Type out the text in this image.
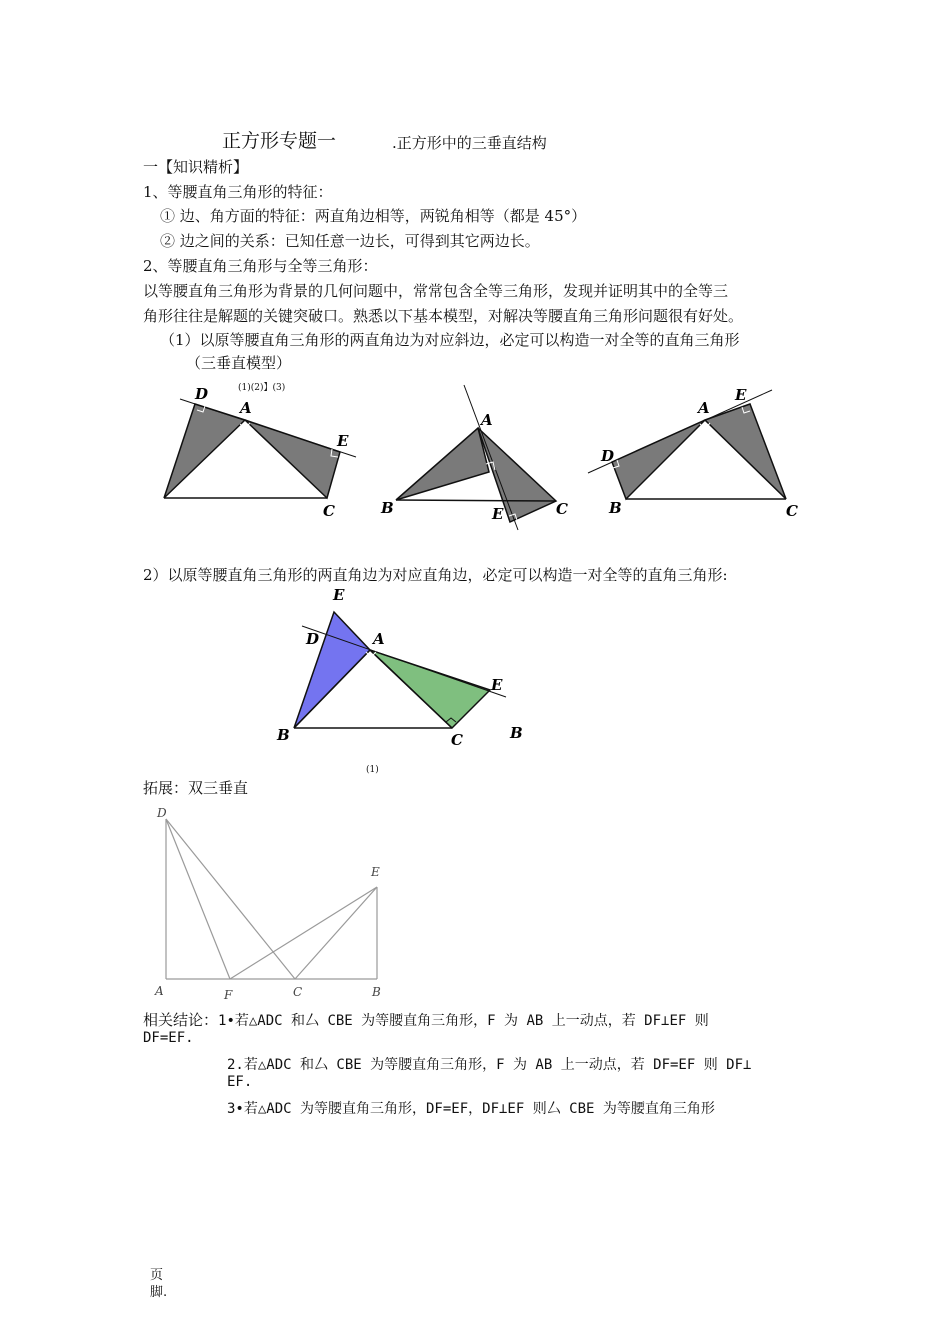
正方形专题一	.正方形中的三垂直结构
一【知识精析】
1、等腰直角三角形的特征：
① 边、角方面的特征：两直角边相等，两锐角相等（都是 45°）
② 边之间的关系：已知任意一边长，可得到其它两边长。
2、等腰直角三角形与全等三角形：
以等腰直角三角形为背景的几何问题中，常常包含全等三角形，发现并证明其中的全等三
角形往往是解题的关键突破口。熟悉以下基本模型，对解决等腰直角三角形问题很有好处。
（1）以原等腰直角三角形的两直角边为对应斜边，必定可以构造一对全等的直角三角形
（三垂直模型）
(1)(2)】(3)
D
A
E
C
A
B	E	C
D
A
E
B	C
2）以原等腰直角三角形的两直角边为对应直角边，必定可以构造一对全等的直角三角形:
E
D	A
E
B	C	B
(1)
拓展：双三垂直
D
E
A	F	C	B
相关结论：1•若△ADC 和厶 CBE 为等腰直角三角形，F 为 AB 上一动点，若 DF⊥EF 则
DF=EF.
2.若△ADC 和厶 CBE 为等腰直角三角形，F 为 AB 上一动点，若 DF=EF 则 DF⊥
EF.
3•若△ADC 为等腰直角三角形，DF=EF，DF⊥EF 则厶 CBE 为等腰直角三角形
页
脚.
